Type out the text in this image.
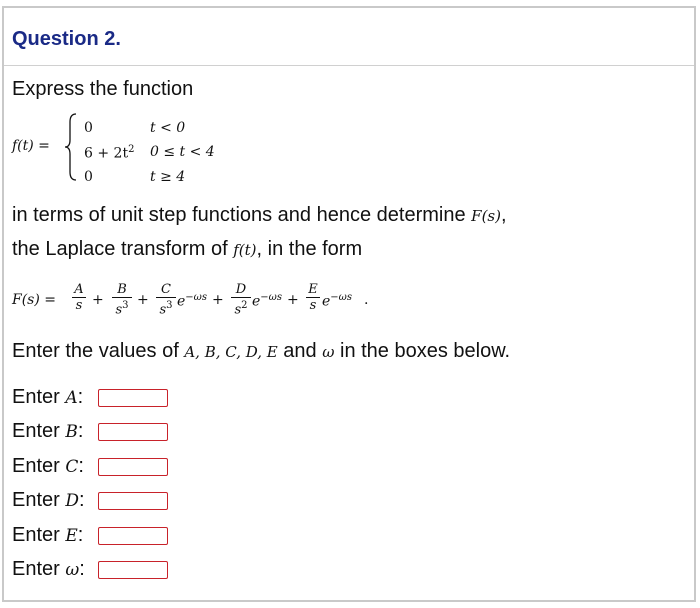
Question 2.
Express the function
f(t) =
0	t < 0
$6 + 2t^2$ 0 ≤ t < 4
0	t ≥ 4
in terms of unit step functions and hence determine F(s),
the Laplace transform of f(t), in the form
$F(s) = \frac{A}{s} + \frac{B}{s^3} + \frac{C}{s^3} e^{-\omega s} + \frac{D}{s^2} e^{-\omega s} + \frac{E}{s} e^{-\omega s}$ .
Enter the values of A, B, C, D, E and ω in the boxes below.
Enter A:
Enter B:
Enter C:
Enter D:
Enter E:
Enter ω:
